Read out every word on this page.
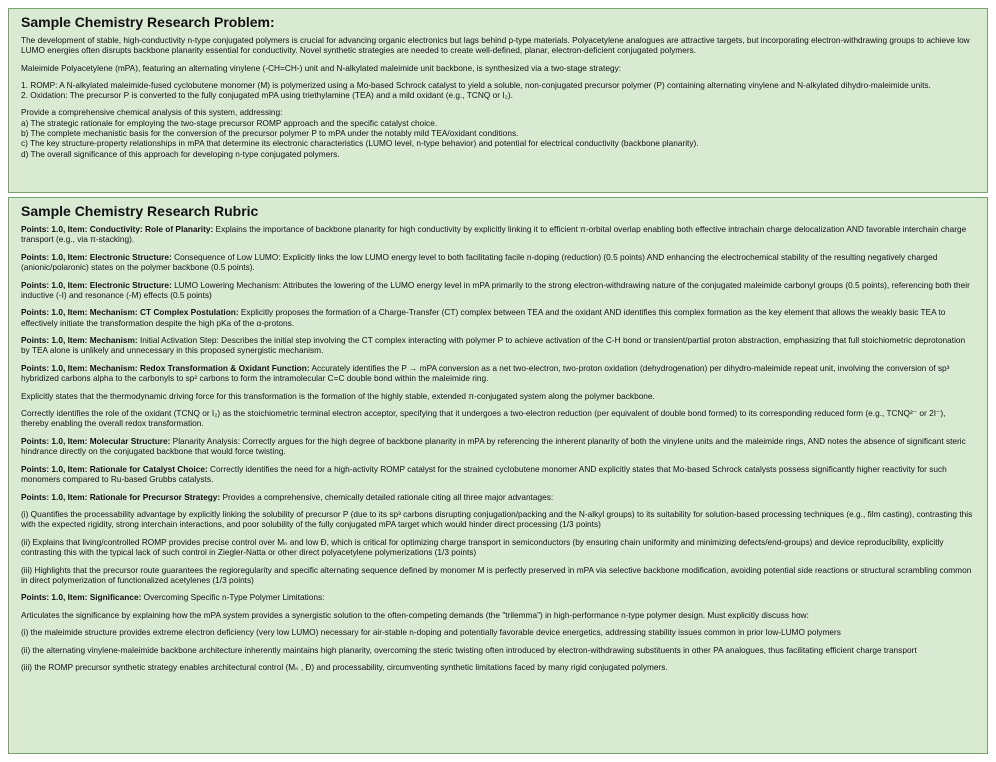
Sample Chemistry Research Problem:

The development of stable, high-conductivity n-type conjugated polymers is crucial for advancing organic electronics but lags behind p-type materials. Polyacetylene analogues are attractive targets, but incorporating electron-withdrawing groups to achieve low LUMO energies often disrupts backbone planarity essential for conductivity. Novel synthetic strategies are needed to create well-defined, planar, electron-deficient conjugated polymers.

Maleimide Polyacetylene (mPA), featuring an alternating vinylene (-CH=CH-) unit and N-alkylated maleimide unit backbone, is synthesized via a two-stage strategy:

1. ROMP: A N-alkylated maleimide-fused cyclobutene monomer (M) is polymerized using a Mo-based Schrock catalyst to yield a soluble, non-conjugated precursor polymer (P) containing alternating vinylene and N-alkylated dihydro-maleimide units.
2. Oxidation: The precursor P is converted to the fully conjugated mPA using triethylamine (TEA) and a mild oxidant (e.g., TCNQ or I₂).

Provide a comprehensive chemical analysis of this system, addressing:
a) The strategic rationale for employing the two-stage precursor ROMP approach and the specific catalyst choice.
b) The complete mechanistic basis for the conversion of the precursor polymer P to mPA under the notably mild TEA/oxidant conditions.
c) The key structure-property relationships in mPA that determine its electronic characteristics (LUMO level, n-type behavior) and potential for electrical conductivity (backbone planarity).
d) The overall significance of this approach for developing n-type conjugated polymers.

Sample Chemistry Research Rubric

Points: 1.0, Item: Conductivity: Role of Planarity: Explains the importance of backbone planarity for high conductivity by explicitly linking it to efficient π-orbital overlap enabling both effective intrachain charge delocalization AND favorable interchain charge transport (e.g., via π-stacking).

Points: 1.0, Item: Electronic Structure: Consequence of Low LUMO: Explicitly links the low LUMO energy level to both facilitating facile n-doping (reduction) (0.5 points) AND enhancing the electrochemical stability of the resulting negatively charged (anionic/polaronic) states on the polymer backbone (0.5 points).

Points: 1.0, Item: Electronic Structure: LUMO Lowering Mechanism: Attributes the lowering of the LUMO energy level in mPA primarily to the strong electron-withdrawing nature of the conjugated maleimide carbonyl groups (0.5 points), referencing both their inductive (-I) and resonance (-M) effects (0.5 points)

Points: 1.0, Item: Mechanism: CT Complex Postulation: Explicitly proposes the formation of a Charge-Transfer (CT) complex between TEA and the oxidant AND identifies this complex formation as the key element that allows the weakly basic TEA to effectively initiate the transformation despite the high pKa of the α-protons.

Points: 1.0, Item: Mechanism: Initial Activation Step: Describes the initial step involving the CT complex interacting with polymer P to achieve activation of the C-H bond or transient/partial proton abstraction, emphasizing that full stoichiometric deprotonation by TEA alone is unlikely and unnecessary in this proposed synergistic mechanism.

Points: 1.0, Item: Mechanism: Redox Transformation & Oxidant Function: Accurately identifies the P → mPA conversion as a net two-electron, two-proton oxidation (dehydrogenation) per dihydro-maleimide repeat unit, involving the conversion of sp³ hybridized carbons alpha to the carbonyls to sp² carbons to form the intramolecular C=C double bond within the maleimide ring.

Explicitly states that the thermodynamic driving force for this transformation is the formation of the highly stable, extended π-conjugated system along the polymer backbone.

Correctly identifies the role of the oxidant (TCNQ or I₂) as the stoichiometric terminal electron acceptor, specifying that it undergoes a two-electron reduction (per equivalent of double bond formed) to its corresponding reduced form (e.g., TCNQ²⁻ or 2I⁻), thereby enabling the overall redox transformation.

Points: 1.0, Item: Molecular Structure: Planarity Analysis: Correctly argues for the high degree of backbone planarity in mPA by referencing the inherent planarity of both the vinylene units and the maleimide rings, AND notes the absence of significant steric hindrance directly on the conjugated backbone that would force twisting.

Points: 1.0, Item: Rationale for Catalyst Choice: Correctly identifies the need for a high-activity ROMP catalyst for the strained cyclobutene monomer AND explicitly states that Mo-based Schrock catalysts possess significantly higher reactivity for such monomers compared to Ru-based Grubbs catalysts.

Points: 1.0, Item: Rationale for Precursor Strategy: Provides a comprehensive, chemically detailed rationale citing all three major advantages:

(i) Quantifies the processability advantage by explicitly linking the solubility of precursor P (due to its sp³ carbons disrupting conjugation/packing and the N-alkyl groups) to its suitability for solution-based processing techniques (e.g., film casting), contrasting this with the expected rigidity, strong interchain interactions, and poor solubility of the fully conjugated mPA target which would hinder direct processing (1/3 points)

(ii) Explains that living/controlled ROMP provides precise control over Mₙ and low Đ, which is critical for optimizing charge transport in semiconductors (by ensuring chain uniformity and minimizing defects/end-groups) and device reproducibility, explicitly contrasting this with the typical lack of such control in Ziegler-Natta or other direct polyacetylene polymerizations (1/3 points)

(iii) Highlights that the precursor route guarantees the regioregularity and specific alternating sequence defined by monomer M is perfectly preserved in mPA via selective backbone modification, avoiding potential side reactions or structural scrambling common in direct polymerization of functionalized acetylenes (1/3 points)

Points: 1.0, Item: Significance: Overcoming Specific n-Type Polymer Limitations:

Articulates the significance by explaining how the mPA system provides a synergistic solution to the often-competing demands (the "trilemma") in high-performance n-type polymer design. Must explicitly discuss how:

(i) the maleimide structure provides extreme electron deficiency (very low LUMO) necessary for air-stable n-doping and potentially favorable device energetics, addressing stability issues common in prior low-LUMO polymers

(ii) the alternating vinylene-maleimide backbone architecture inherently maintains high planarity, overcoming the steric twisting often introduced by electron-withdrawing substituents in other PA analogues, thus facilitating efficient charge transport

(iii) the ROMP precursor synthetic strategy enables architectural control (Mₙ , Đ) and processability, circumventing synthetic limitations faced by many rigid conjugated polymers.
